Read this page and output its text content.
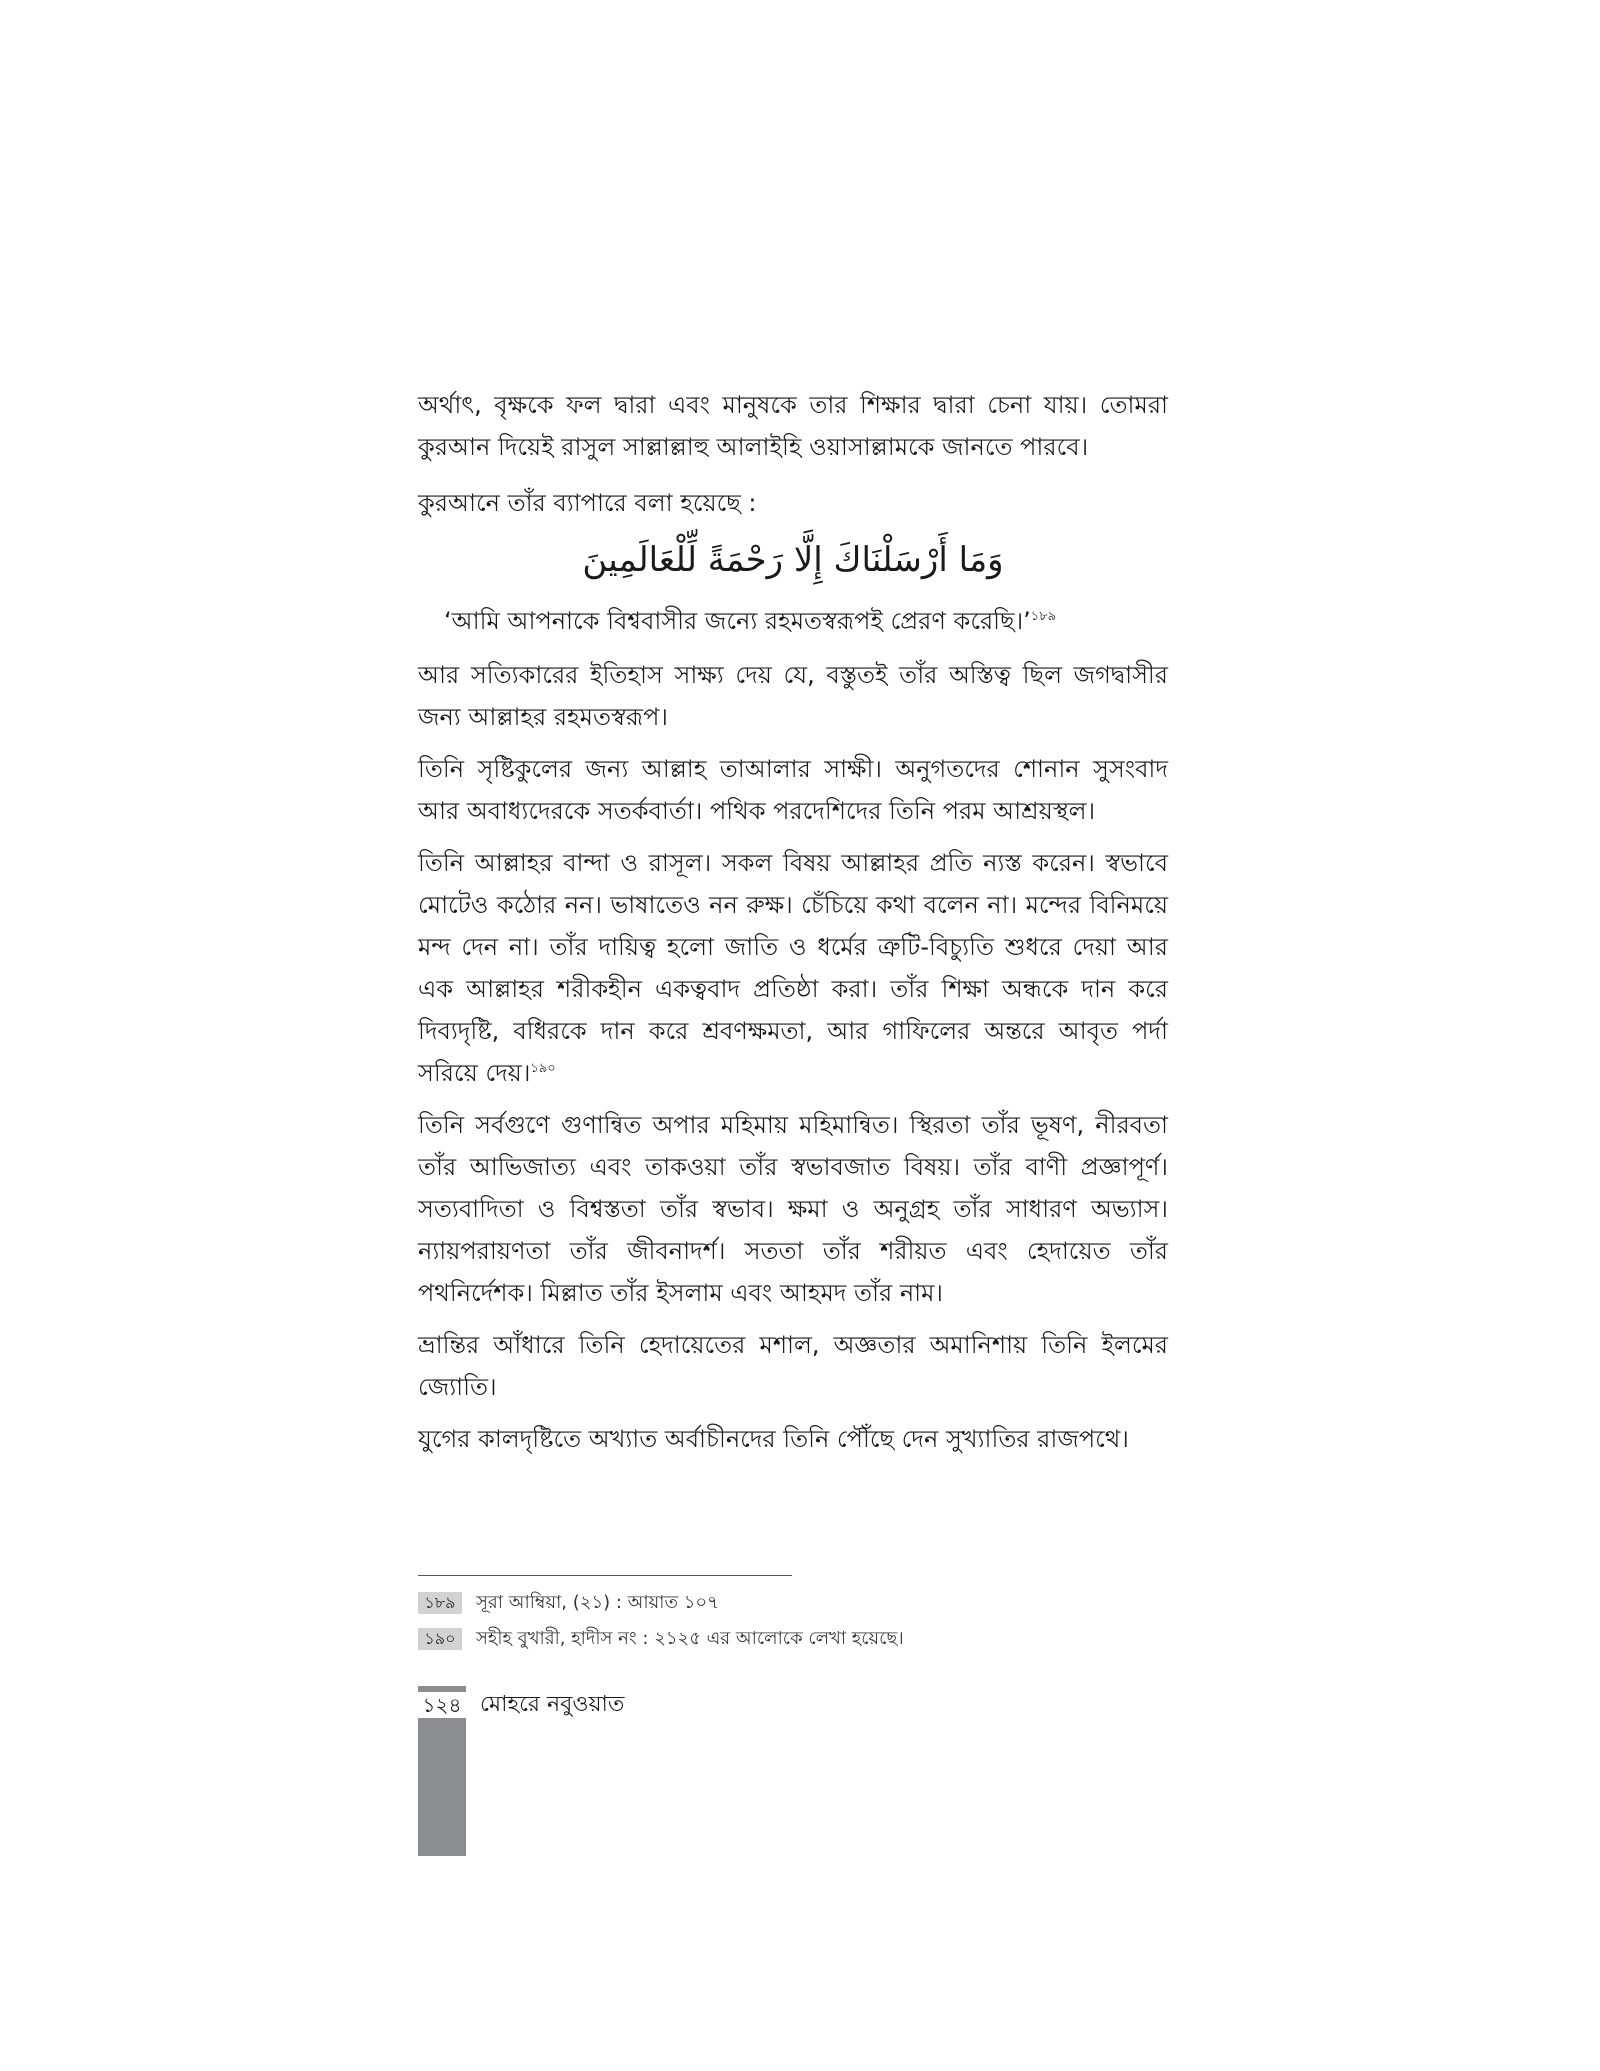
অর্থাৎ, বৃক্ষকে ফল দ্বারা এবং মানুষকে তার শিক্ষার দ্বারা চেনা যায়। তোমরা কুরআন দিয়েই রাসুল সাল্লাল্লাহু আলাইহি ওয়াসাল্লামকে জানতে পারবে।

কুরআনে তাঁর ব্যাপারে বলা হয়েছে :

وَمَا أَرْسَلْنَاكَ إِلَّا رَحْمَةً لِّلْعَالَمِينَ

‘আমি আপনাকে বিশ্ববাসীর জন্যে রহমতস্বরূপই প্রেরণ করেছি।’$^{১৮৯}$

আর সত্যিকারের ইতিহাস সাক্ষ্য দেয় যে, বস্তুতই তাঁর অস্তিত্ব ছিল জগদ্বাসীর জন্য আল্লাহর রহমতস্বরূপ।

তিনি সৃষ্টিকুলের জন্য আল্লাহ তাআলার সাক্ষী। অনুগতদের শোনান সুসংবাদ আর অবাধ্যদেরকে সতর্কবার্তা। পথিক পরদেশিদের তিনি পরম আশ্রয়স্থল।

তিনি আল্লাহর বান্দা ও রাসূল। সকল বিষয় আল্লাহর প্রতি ন্যস্ত করেন। স্বভাবে মোটেও কঠোর নন। ভাষাতেও নন রুক্ষ। চেঁচিয়ে কথা বলেন না। মন্দের বিনিময়ে মন্দ দেন না। তাঁর দায়িত্ব হলো জাতি ও ধর্মের ত্রুটি-বিচ্যুতি শুধরে দেয়া আর এক আল্লাহর শরীকহীন একত্ববাদ প্রতিষ্ঠা করা। তাঁর শিক্ষা অন্ধকে দান করে দিব্যদৃষ্টি, বধিরকে দান করে শ্রবণক্ষমতা, আর গাফিলের অন্তরে আবৃত পর্দা সরিয়ে দেয়।$^{১৯০}$

তিনি সর্বগুণে গুণান্বিত অপার মহিমায় মহিমান্বিত। স্থিরতা তাঁর ভূষণ, নীরবতা তাঁর আভিজাত্য এবং তাকওয়া তাঁর স্বভাবজাত বিষয়। তাঁর বাণী প্রজ্ঞাপূর্ণ। সত্যবাদিতা ও বিশ্বস্ততা তাঁর স্বভাব। ক্ষমা ও অনুগ্রহ তাঁর সাধারণ অভ্যাস। ন্যায়পরায়ণতা তাঁর জীবনাদর্শ। সততা তাঁর শরীয়ত এবং হেদায়েত তাঁর পথনির্দেশক। মিল্লাত তাঁর ইসলাম এবং আহমদ তাঁর নাম।

ভ্রান্তির আঁধারে তিনি হেদায়েতের মশাল, অজ্ঞতার অমানিশায় তিনি ইলমের জ্যোতি।

যুগের কালদৃষ্টিতে অখ্যাত অর্বাচীনদের তিনি পৌঁছে দেন সুখ্যাতির রাজপথে।

১৮৯	সূরা আম্বিয়া, (২১) : আয়াত ১০৭
১৯০	সহীহ বুখারী, হাদীস নং : ২১২৫ এর আলোকে লেখা হয়েছে।
১২৪ মোহরে নবুওয়াত
